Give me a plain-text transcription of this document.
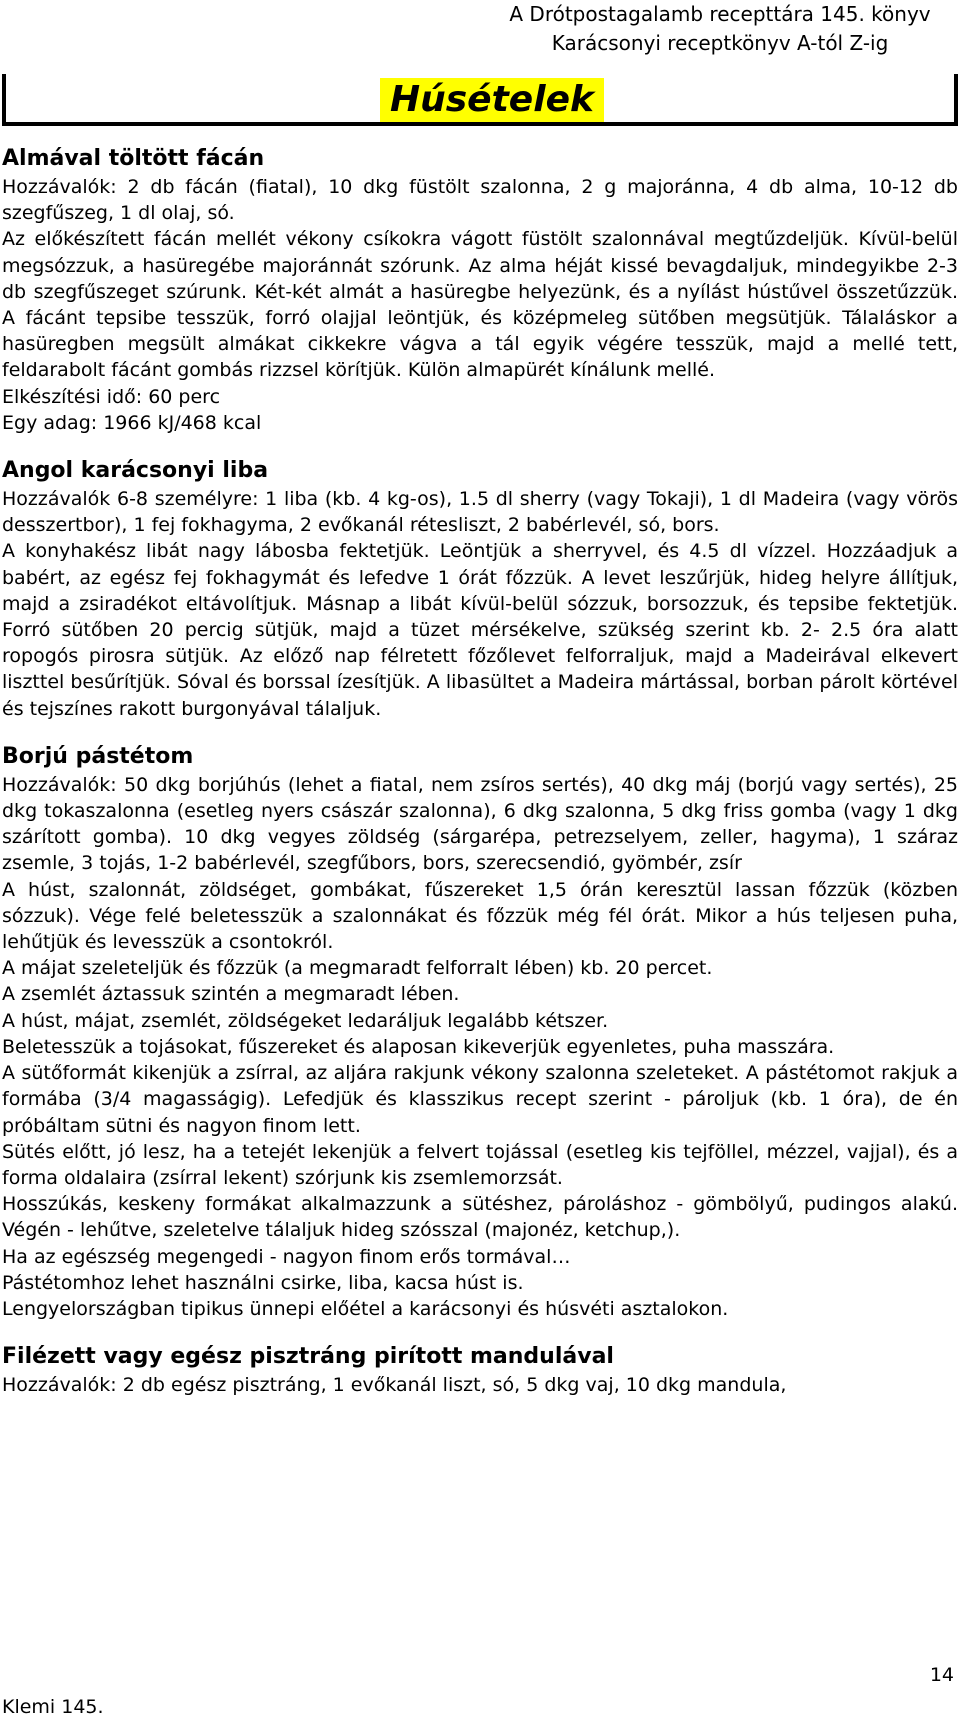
A Drótpostagalamb recepttára 145. könyv
Karácsonyi receptkönyv A-tól Z-ig
Húsételek
Almával töltött fácán

Hozzávalók: 2 db fácán (fiatal), 10 dkg füstölt szalonna, 2 g majoránna, 4 db alma, 10-12 db szegfűszeg, 1 dl olaj, só.

Az előkészített fácán mellét vékony csíkokra vágott füstölt szalonnával megtűzdeljük. Kívül-belül megsózzuk, a hasüregébe majoránnát szórunk. Az alma héját kissé bevagdaljuk, mindegyikbe 2-3 db szegfűszeget szúrunk. Két-két almát a hasüregbe helyezünk, és a nyílást hústűvel összetűzzük. A fácánt tepsibe tesszük, forró olajjal leöntjük, és középmeleg sütőben megsütjük. Tálaláskor a hasüregben megsült almákat cikkekre vágva a tál egyik végére tesszük, majd a mellé tett, feldarabolt fácánt gombás rizzsel körítjük. Külön almapürét kínálunk mellé.

Elkészítési idő: 60 perc

Egy adag: 1966 kJ/468 kcal

Angol karácsonyi liba

Hozzávalók 6-8 személyre: 1 liba (kb. 4 kg-os), 1.5 dl sherry (vagy Tokaji), 1 dl Madeira (vagy vörös desszertbor), 1 fej fokhagyma, 2 evőkanál rétesliszt, 2 babérlevél, só, bors.

A konyhakész libát nagy lábosba fektetjük. Leöntjük a sherryvel, és 4.5 dl vízzel. Hozzáadjuk a babért, az egész fej fokhagymát és lefedve 1 órát főzzük. A levet leszűrjük, hideg helyre állítjuk, majd a zsiradékot eltávolítjuk. Másnap a libát kívül-belül sózzuk, borsozzuk, és tepsibe fektetjük. Forró sütőben 20 percig sütjük, majd a tüzet mérsékelve, szükség szerint kb. 2- 2.5 óra alatt ropogós pirosra sütjük. Az előző nap félretett főzőlevet felforraljuk, majd a Madeirával elkevert liszttel besűrítjük. Sóval és borssal ízesítjük. A libasültet a Madeira mártással, borban párolt körtével és tejszínes rakott burgonyával tálaljuk.

Borjú pástétom

Hozzávalók: 50 dkg borjúhús (lehet a fiatal, nem zsíros sertés), 40 dkg máj (borjú vagy sertés), 25 dkg tokaszalonna (esetleg nyers császár szalonna), 6 dkg szalonna, 5 dkg friss gomba (vagy 1 dkg szárított gomba). 10 dkg vegyes zöldség (sárgarépa, petrezselyem, zeller, hagyma), 1 száraz zsemle, 3 tojás, 1-2 babérlevél, szegfűbors, bors, szerecsendió, gyömbér, zsír

A húst, szalonnát, zöldséget, gombákat, fűszereket 1,5 órán keresztül lassan főzzük (közben sózzuk). Vége felé beletesszük a szalonnákat és főzzük még fél órát. Mikor a hús teljesen puha, lehűtjük és levesszük a csontokról.

A májat szeleteljük és főzzük (a megmaradt felforralt lében) kb. 20 percet.

A zsemlét áztassuk szintén a megmaradt lében.

A húst, májat, zsemlét, zöldségeket ledaráljuk legalább kétszer.

Beletesszük a tojásokat, fűszereket és alaposan kikeverjük egyenletes, puha masszára.

A sütőformát kikenjük a zsírral, az aljára rakjunk vékony szalonna szeleteket. A pástétomot rakjuk a formába (3/4 magasságig). Lefedjük és klasszikus recept szerint - pároljuk (kb. 1 óra), de én próbáltam sütni és nagyon finom lett.

Sütés előtt, jó lesz, ha a tetejét lekenjük a felvert tojással (esetleg kis tejföllel, mézzel, vajjal), és a forma oldalaira (zsírral lekent) szórjunk kis zsemlemorzsát.

Hosszúkás, keskeny formákat alkalmazzunk a sütéshez, pároláshoz - gömbölyű, pudingos alakú. Végén - lehűtve, szeletelve tálaljuk hideg szósszal (majonéz, ketchup,).

Ha az egészség megengedi - nagyon finom erős tormával…

Pástétomhoz lehet használni csirke, liba, kacsa húst is.

Lengyelországban tipikus ünnepi előétel a karácsonyi és húsvéti asztalokon.

Filézett vagy egész pisztráng pirított mandulával

Hozzávalók: 2 db egész pisztráng, 1 evőkanál liszt, só, 5 dkg vaj, 10 dkg mandula,

14
Klemi 145.
